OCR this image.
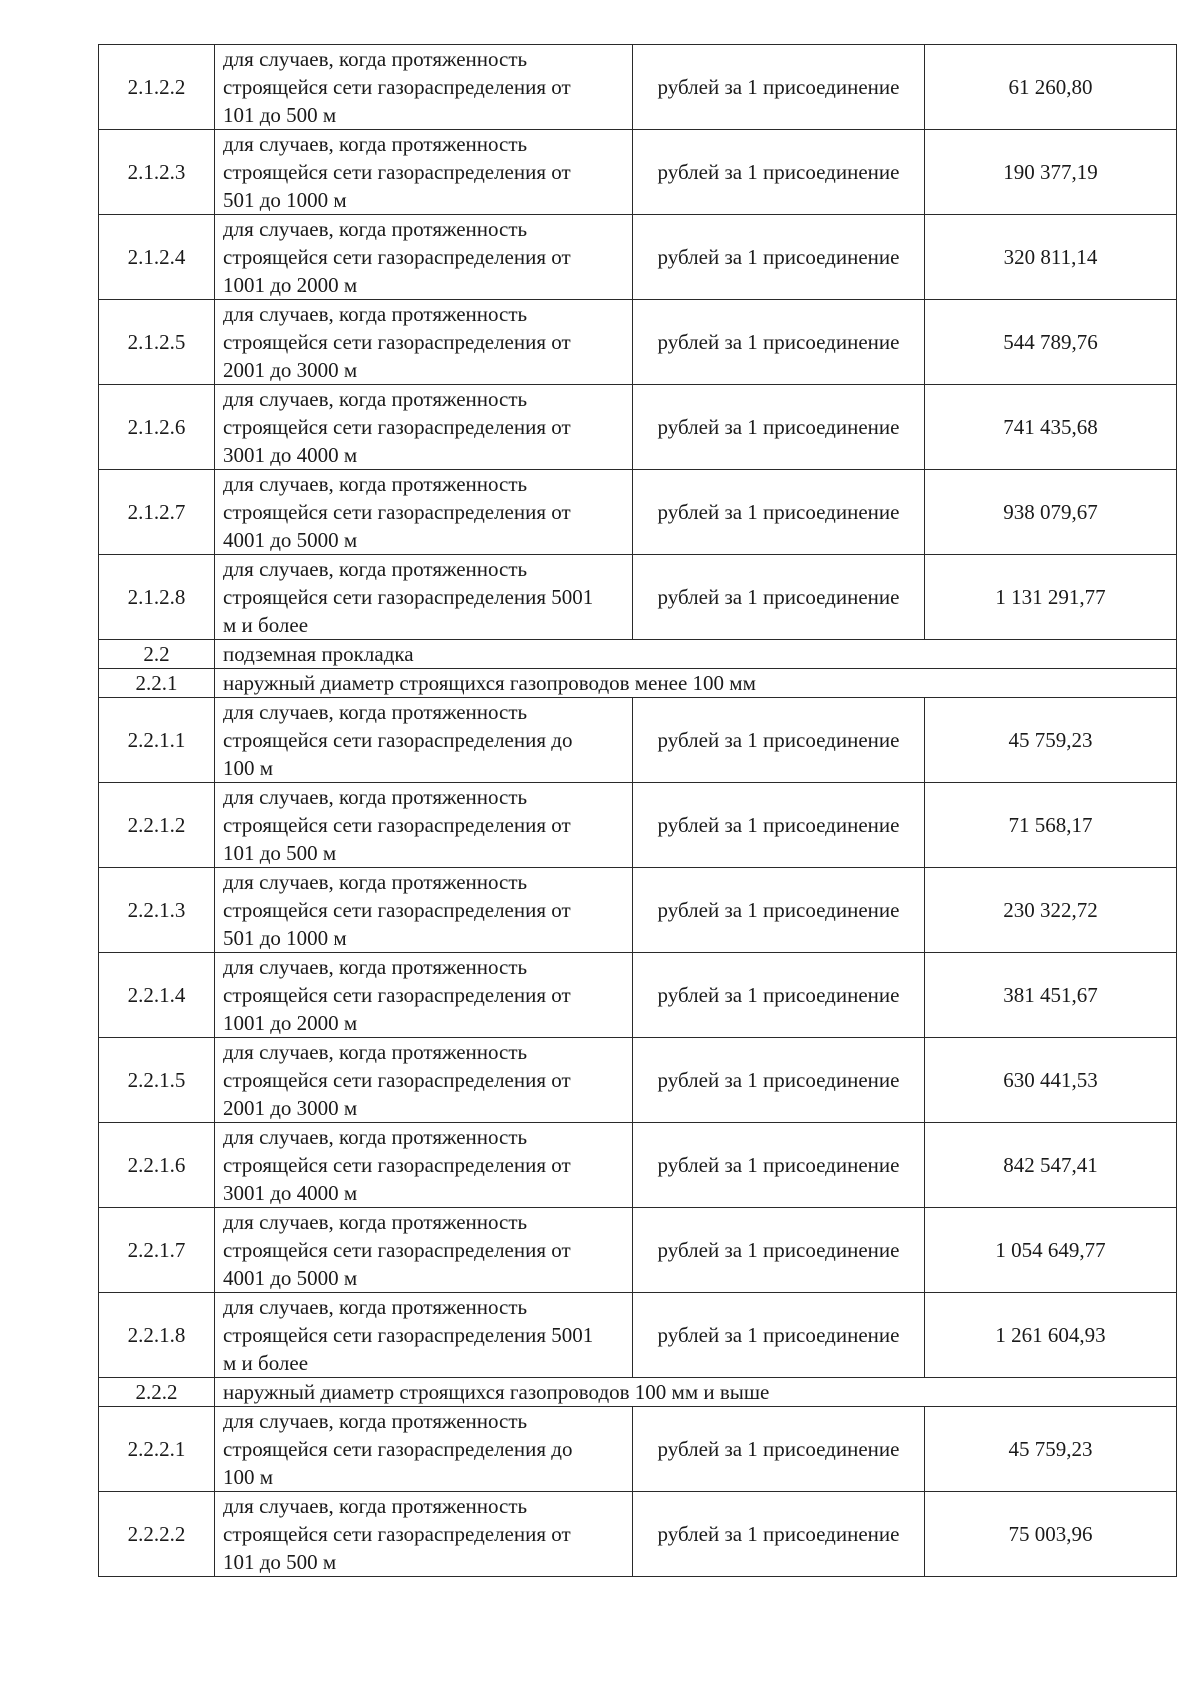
2.1.2.2	для случаев, когда протяженность
строящейся сети газораспределения от
101 до 500 м	рублей за 1 присоединение	61 260,80
2.1.2.3	для случаев, когда протяженность
строящейся сети газораспределения от
501 до 1000 м	рублей за 1 присоединение	190 377,19
2.1.2.4	для случаев, когда протяженность
строящейся сети газораспределения от
1001 до 2000 м	рублей за 1 присоединение	320 811,14
2.1.2.5	для случаев, когда протяженность
строящейся сети газораспределения от
2001 до 3000 м	рублей за 1 присоединение	544 789,76
2.1.2.6	для случаев, когда протяженность
строящейся сети газораспределения от
3001 до 4000 м	рублей за 1 присоединение	741 435,68
2.1.2.7	для случаев, когда протяженность
строящейся сети газораспределения от
4001 до 5000 м	рублей за 1 присоединение	938 079,67
2.1.2.8	для случаев, когда протяженность
строящейся сети газораспределения 5001
м и более	рублей за 1 присоединение	1 131 291,77
2.2	подземная прокладка		
2.2.1	наружный диаметр строящихся газопроводов менее 100 мм		
2.2.1.1	для случаев, когда протяженность
строящейся сети газораспределения до
100 м	рублей за 1 присоединение	45 759,23
2.2.1.2	для случаев, когда протяженность
строящейся сети газораспределения от
101 до 500 м	рублей за 1 присоединение	71 568,17
2.2.1.3	для случаев, когда протяженность
строящейся сети газораспределения от
501 до 1000 м	рублей за 1 присоединение	230 322,72
2.2.1.4	для случаев, когда протяженность
строящейся сети газораспределения от
1001 до 2000 м	рублей за 1 присоединение	381 451,67
2.2.1.5	для случаев, когда протяженность
строящейся сети газораспределения от
2001 до 3000 м	рублей за 1 присоединение	630 441,53
2.2.1.6	для случаев, когда протяженность
строящейся сети газораспределения от
3001 до 4000 м	рублей за 1 присоединение	842 547,41
2.2.1.7	для случаев, когда протяженность
строящейся сети газораспределения от
4001 до 5000 м	рублей за 1 присоединение	1 054 649,77
2.2.1.8	для случаев, когда протяженность
строящейся сети газораспределения 5001
м и более	рублей за 1 присоединение	1 261 604,93
2.2.2	наружный диаметр строящихся газопроводов 100 мм и выше		
2.2.2.1	для случаев, когда протяженность
строящейся сети газораспределения до
100 м	рублей за 1 присоединение	45 759,23
2.2.2.2	для случаев, когда протяженность
строящейся сети газораспределения от
101 до 500 м	рублей за 1 присоединение	75 003,96
